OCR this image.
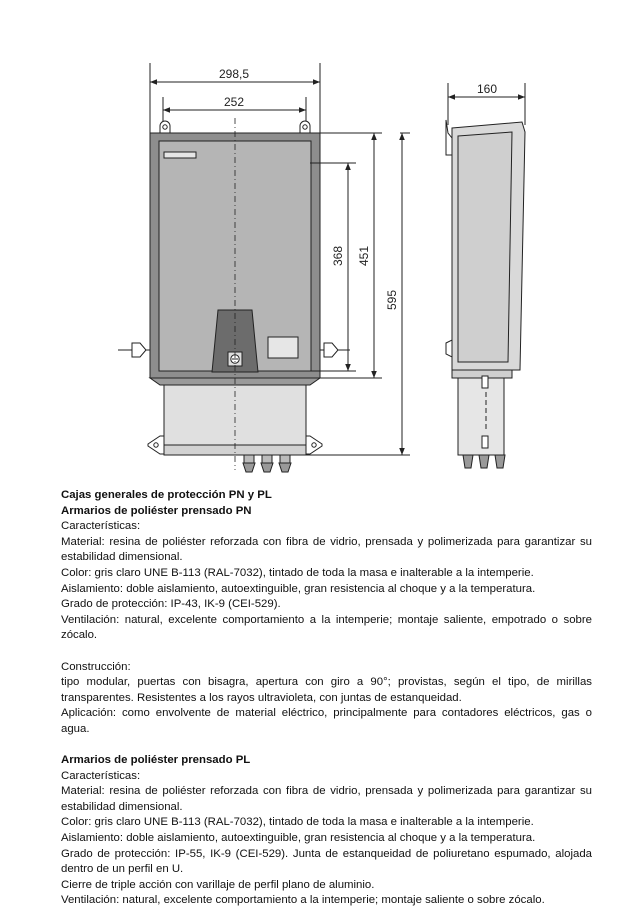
298,5
252
160
368 451
595

Cajas generales de protección PN y PL

Armarios de poliéster prensado PN

Características:

Material: resina de poliéster reforzada con fibra de vidrio, prensada y polimerizada para garantizar su estabilidad dimensional.

Color: gris claro UNE B-113 (RAL-7032), tintado de toda la masa e inalterable a la intemperie.

Aislamiento: doble aislamiento, autoextinguible, gran resistencia al choque y a la temperatura.

Grado de protección: IP-43, IK-9 (CEI-529).

Ventilación: natural, excelente comportamiento a la intemperie; montaje saliente, empotrado o sobre zócalo.

Construcción:

tipo modular, puertas con bisagra, apertura con giro a 90°; provistas, según el tipo, de mirillas transparentes. Resistentes a los rayos ultravioleta, con juntas de estanqueidad.

Aplicación: como envolvente de material eléctrico, principalmente para contadores eléctricos, gas o agua.

Armarios de poliéster prensado PL

Características:

Material: resina de poliéster reforzada con fibra de vidrio, prensada y polimerizada para garantizar su estabilidad dimensional.

Color: gris claro UNE B-113 (RAL-7032), tintado de toda la masa e inalterable a la intemperie.

Aislamiento: doble aislamiento, autoextinguible, gran resistencia al choque y a la temperatura.

Grado de protección: IP-55, IK-9 (CEI-529). Junta de estanqueidad de poliuretano espumado, alojada dentro de un perfil en U.

Cierre de triple acción con varillaje de perfil plano de aluminio.

Ventilación: natural, excelente comportamiento a la intemperie; montaje saliente o sobre zócalo.
